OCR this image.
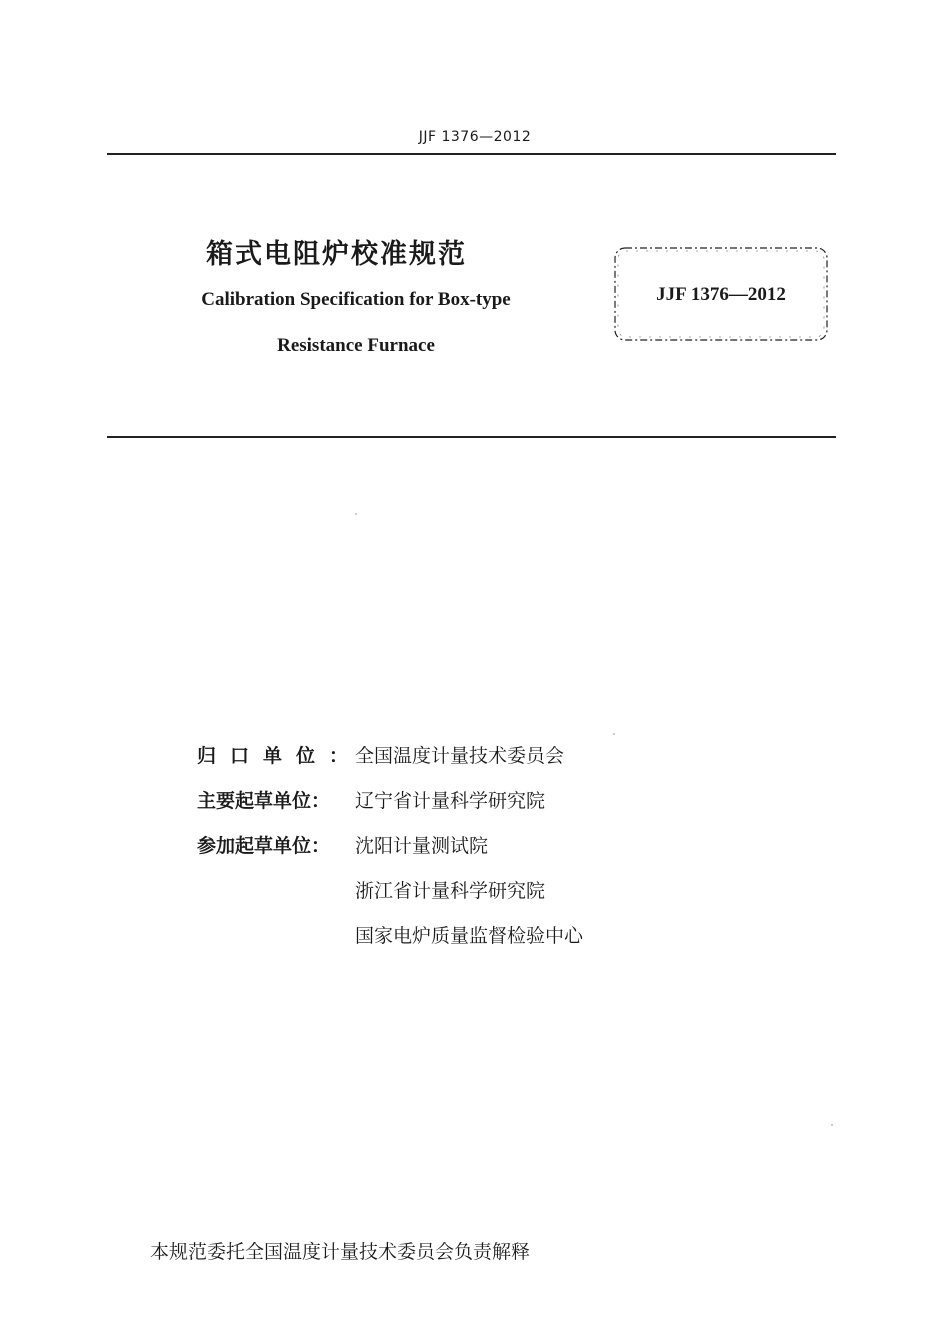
JJF 1376—2012
箱式电阻炉校准规范
Calibration Specification for Box-type
Resistance Furnace
JJF 1376—2012
归口单位：
全国温度计量技术委员会
主要起草单位：	辽宁省计量科学研究院
参加起草单位：	沈阳计量测试院
浙江省计量科学研究院
国家电炉质量监督检验中心
本规范委托全国温度计量技术委员会负责解释
